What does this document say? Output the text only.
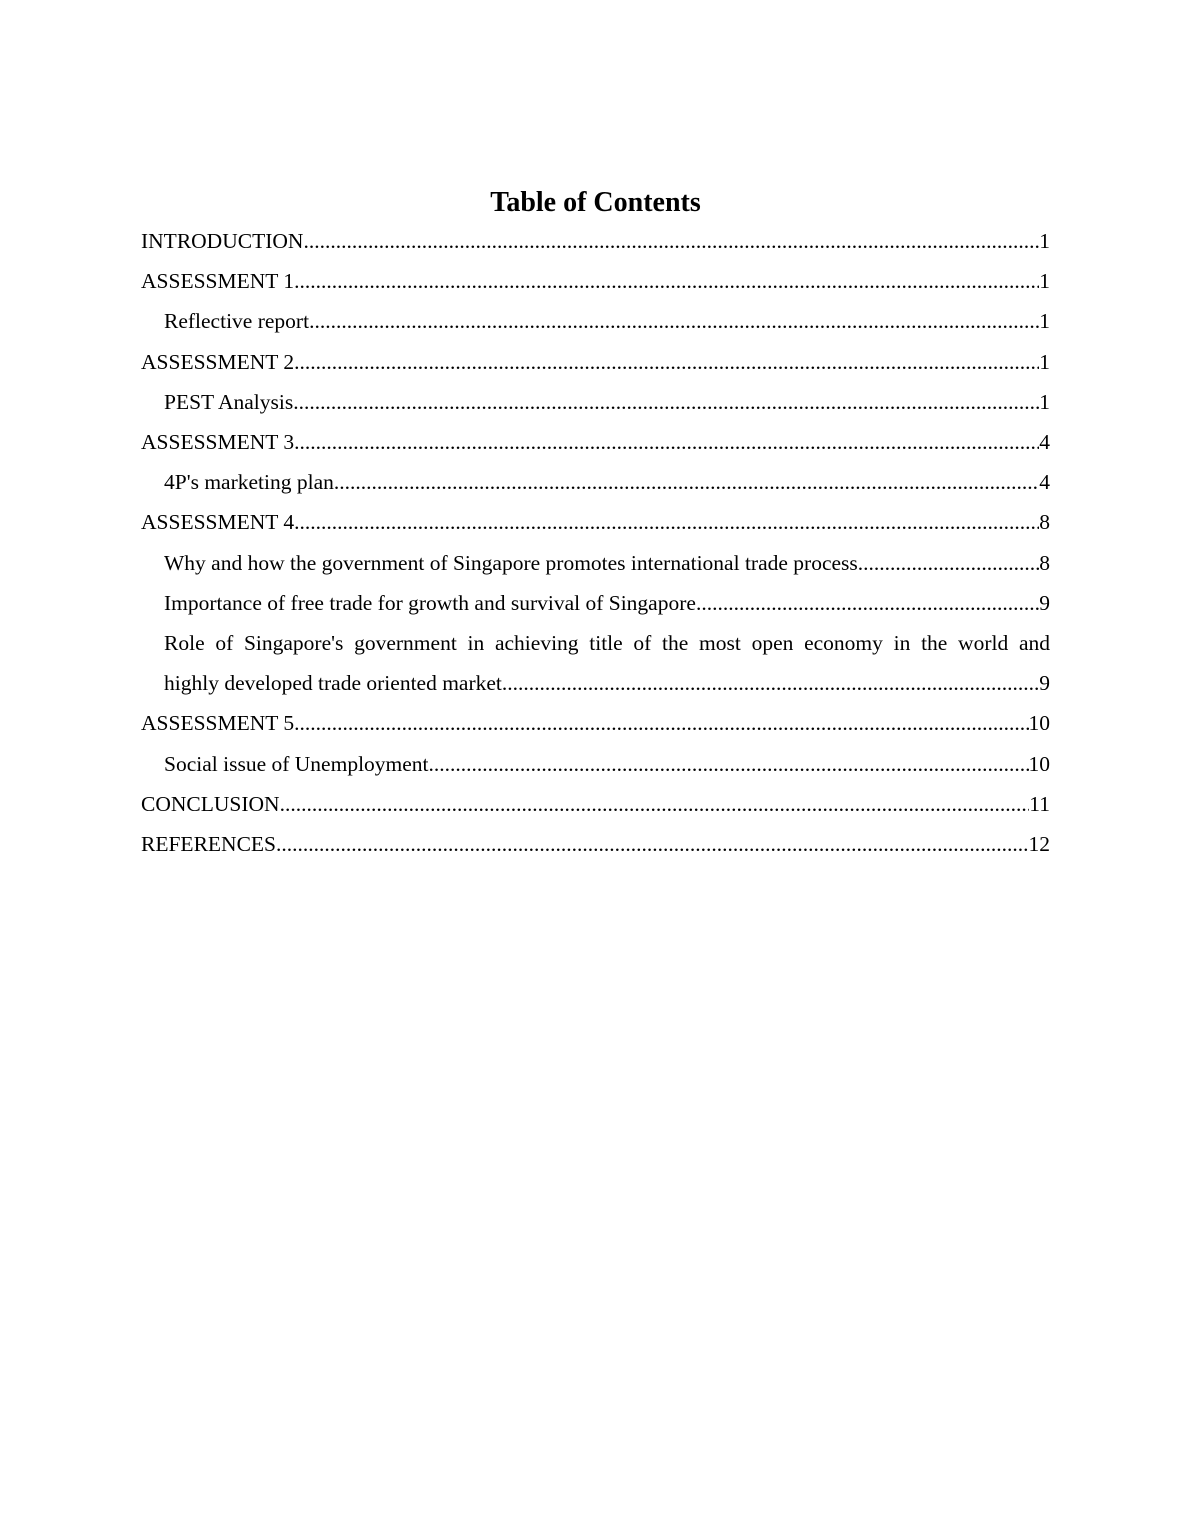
Table of Contents
INTRODUCTION .....	1
ASSESSMENT 1 .....	1
Reflective report .....	1
ASSESSMENT 2 .....	1
PEST Analysis .....	1
ASSESSMENT 3 .....	4
4P's marketing plan .....	4
ASSESSMENT 4 .....	8
Why and how the government of Singapore promotes international trade process .....	8
Importance of free trade for growth and survival of Singapore .....	9
Role of Singapore's government in achieving title of the most open economy in the world and
highly developed trade oriented market .....	9
ASSESSMENT 5 .....	10
Social issue of Unemployment .....	10
CONCLUSION .....	11
REFERENCES .....	12
